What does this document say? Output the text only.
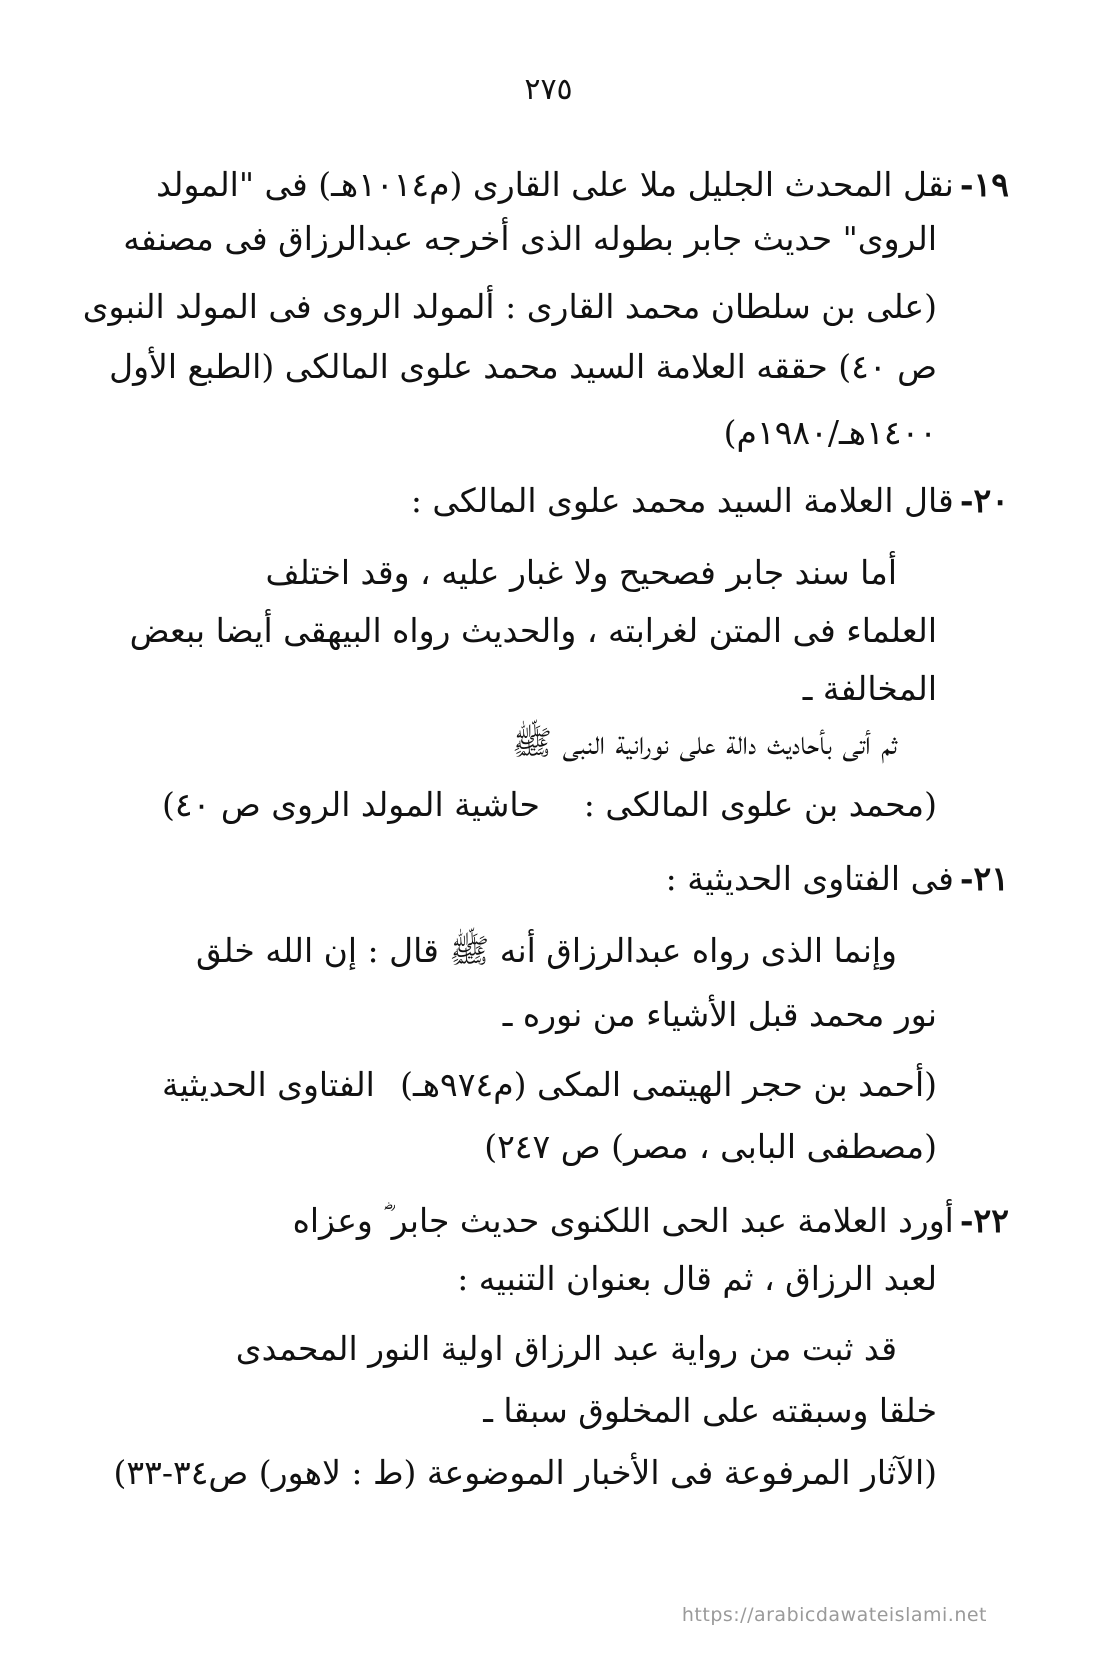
٢٧٥
١٩-نقل المحدث الجليل ملا على القارى (م١٠١٤هـ) فى "المولد
الروى" حديث جابر بطوله الذى أخرجه عبدالرزاق فى مصنفه
(على بن سلطان محمد القارى : ألمولد الروى فى المولد النبوى
ص ٤٠) حققه العلامة السيد محمد علوى المالكى (الطبع الأول
١٤٠٠هـ/١٩٨٠م)
٢٠-قال العلامة السيد محمد علوى المالكى :
أما سند جابر فصحيح ولا غبار عليه ، وقد اختلف
العلماء فى المتن لغرابته ، والحديث رواه البيهقى أيضا ببعض
المخالفة ـ
ثم أتى بأحاديث دالة على نورانية النبى ﷺ
(محمد بن علوى المالكى :
حاشية المولد الروى ص ٤٠)
٢١-فى الفتاوى الحديثية :
وإنما الذى رواه عبدالرزاق أنه ﷺ قال : إن الله خلق
نور محمد قبل الأشياء من نوره ـ
(أحمد بن حجر الهيتمى المكى (م٩٧٤هـ)
الفتاوى الحديثية
(مصطفى البابى ، مصر) ص ٢٤٧)
٢٢-أورد العلامة عبد الحى اللكنوى حديث جابر ؓ وعزاه
لعبد الرزاق ، ثم قال بعنوان التنبيه :
قد ثبت من رواية عبد الرزاق اولية النور المحمدى
خلقا وسبقته على المخلوق سبقا ـ
(الآثار المرفوعة فى الأخبار الموضوعة (ط : لاهور) ص٣٤-٣٣)
https://arabicdawateislami.net
